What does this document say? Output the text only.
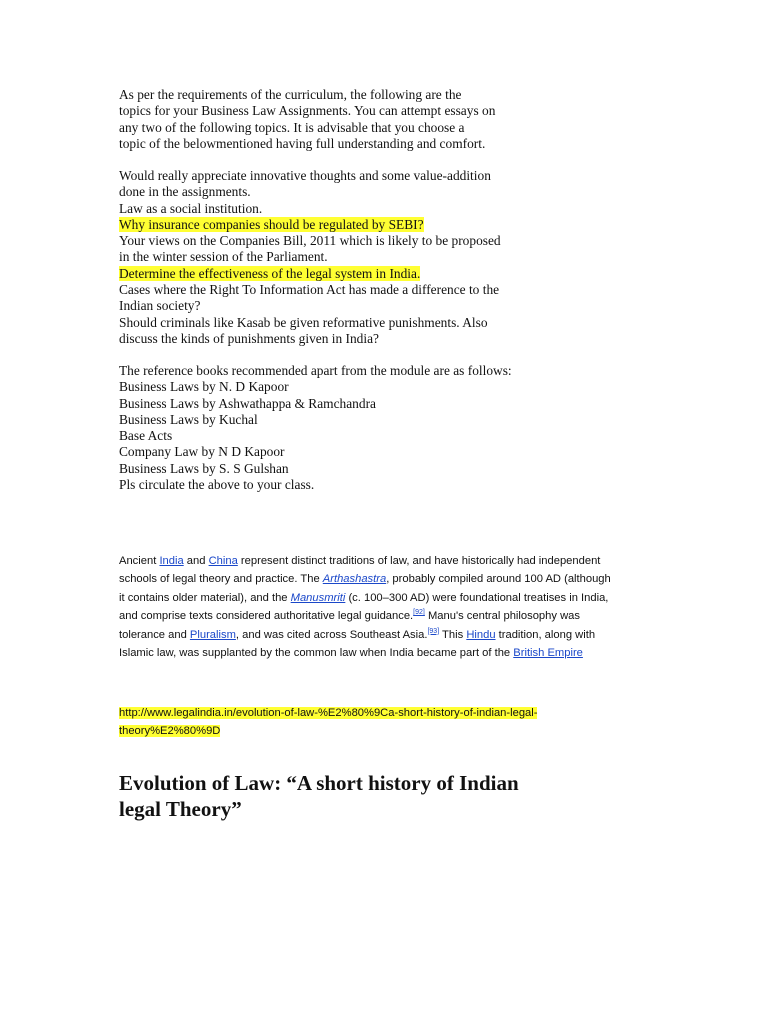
As per the requirements of the curriculum, the following are the
topics for your Business Law Assignments. You can attempt essays on
any two of the following topics. It is advisable that you choose a
topic of the belowmentioned having full understanding and comfort.
Would really appreciate innovative thoughts and some value-addition
done in the assignments.
Law as a social institution.
Why insurance companies should be regulated by SEBI?
Your views on the Companies Bill, 2011 which is likely to be proposed
in the winter session of the Parliament.
Determine the effectiveness of the legal system in India.
Cases where the Right To Information Act has made a difference to the
Indian society?
Should criminals like Kasab be given reformative punishments. Also
discuss the kinds of punishments given in India?
The reference books recommended apart from the module are as follows:
Business Laws by N. D Kapoor
Business Laws by Ashwathappa & Ramchandra
Business Laws by Kuchal
Base Acts
Company Law by N D Kapoor
Business Laws by S. S Gulshan
Pls circulate the above to your class.
Ancient India and China represent distinct traditions of law, and have historically had independent
schools of legal theory and practice. The Arthashastra, probably compiled around 100 AD (although
it contains older material), and the Manusmriti (c. 100–300 AD) were foundational treatises in India,
and comprise texts considered authoritative legal guidance.[92] Manu's central philosophy was
tolerance and Pluralism, and was cited across Southeast Asia.[93] This Hindu tradition, along with
Islamic law, was supplanted by the common law when India became part of the British Empire
http://www.legalindia.in/evolution-of-law-%E2%80%9Ca-short-history-of-indian-legal-
theory%E2%80%9D
Evolution of Law: “A short history of Indian
legal Theory”
